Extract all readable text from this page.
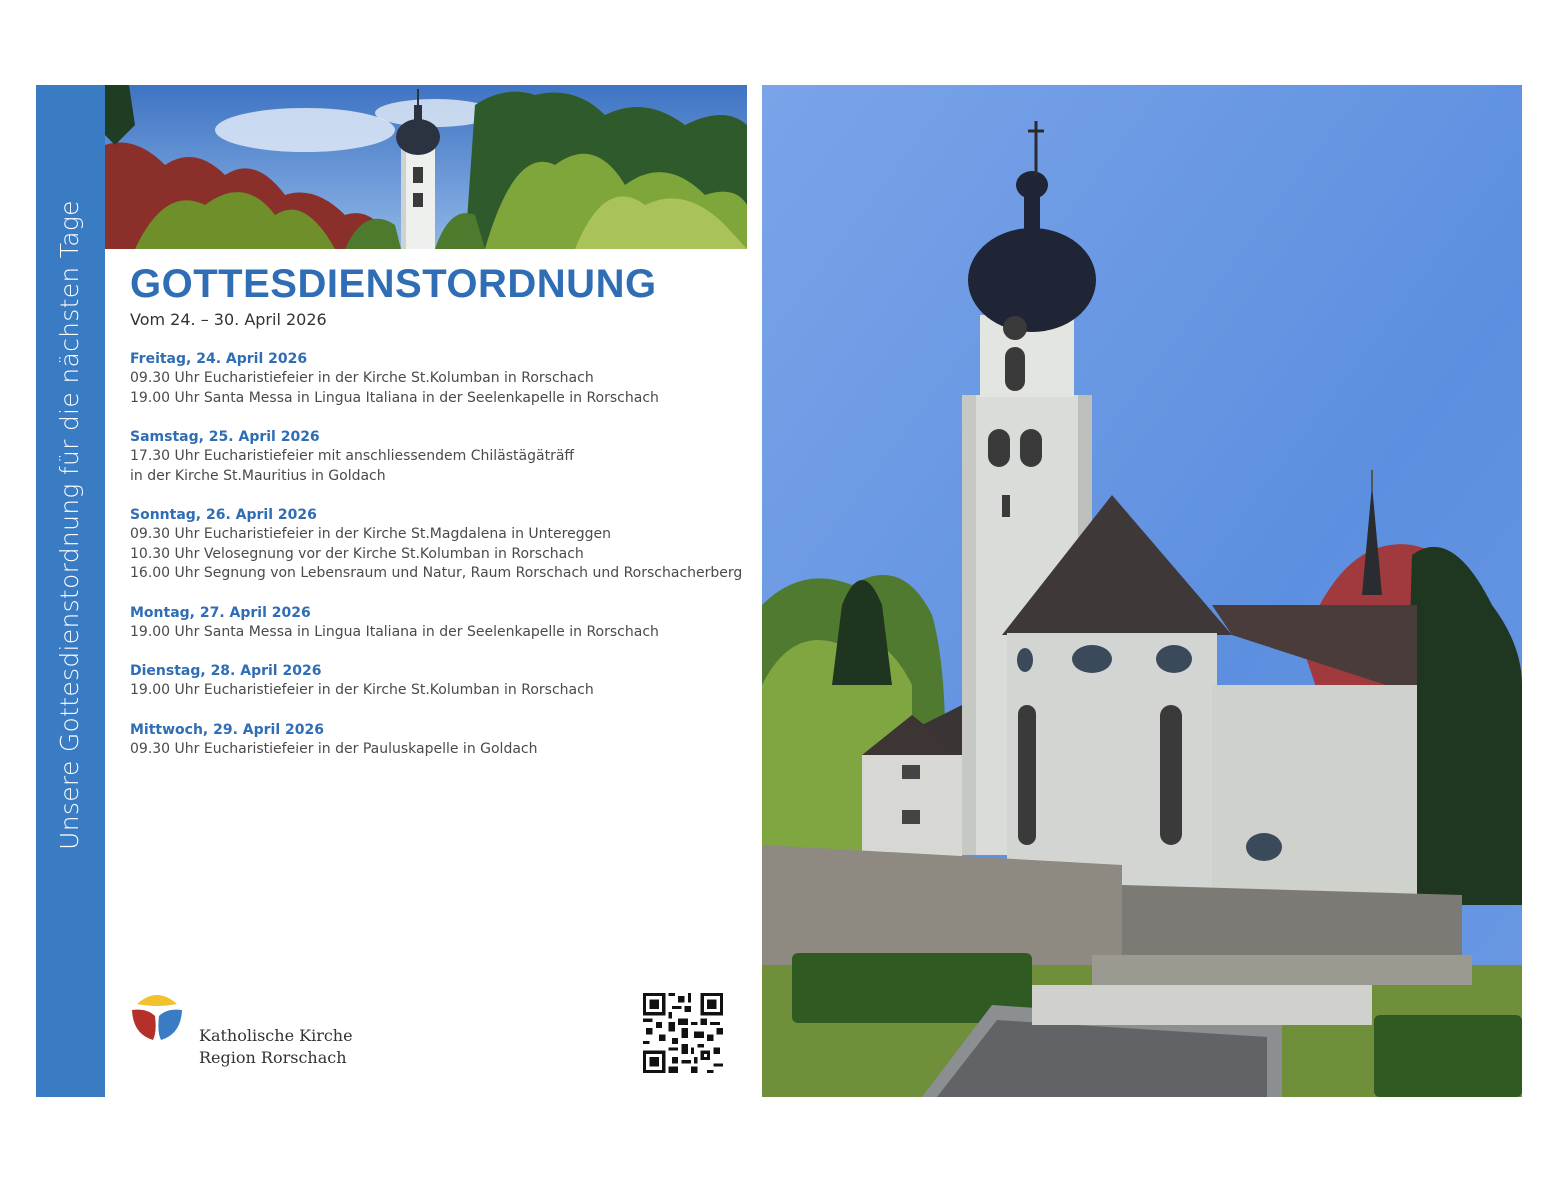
Unsere Gottesdienstordnung für die nächsten Tage GOTTESDIENSTORDNUNG
Vom 24. – 30. April 2026
Freitag, 24. April 2026
09.30 Uhr Eucharistiefeier in der Kirche St.Kolumban in Rorschach
19.00 Uhr Santa Messa in Lingua Italiana in der Seelenkapelle in Rorschach
Samstag, 25. April 2026
17.30 Uhr Eucharistiefeier mit anschliessendem Chilästägäträff
in der Kirche St.Mauritius in Goldach
Sonntag, 26. April 2026
09.30 Uhr Eucharistiefeier in der Kirche St.Magdalena in Untereggen
10.30 Uhr Velosegnung vor der Kirche St.Kolumban in Rorschach
16.00 Uhr Segnung von Lebensraum und Natur, Raum Rorschach und Rorschacherberg
Montag, 27. April 2026
19.00 Uhr Santa Messa in Lingua Italiana in der Seelenkapelle in Rorschach
Dienstag, 28. April 2026
19.00 Uhr Eucharistiefeier in der Kirche St.Kolumban in Rorschach
Mittwoch, 29. April 2026
09.30 Uhr Eucharistiefeier in der Pauluskapelle in Goldach
Katholische Kirche
Region Rorschach
